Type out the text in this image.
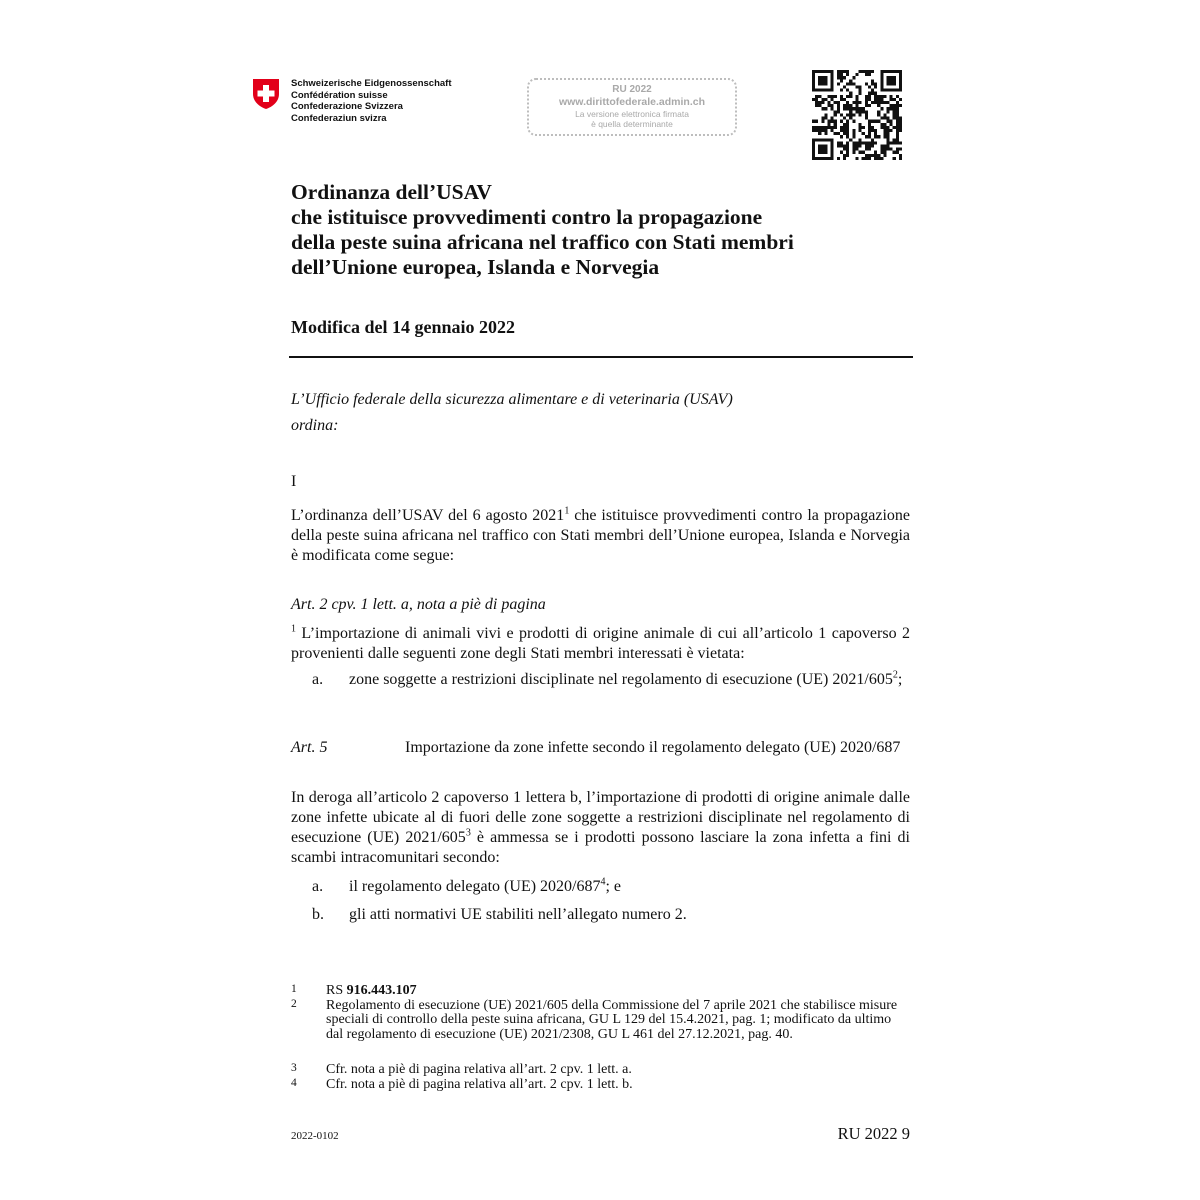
Schweizerische Eidgenossenschaft
Confédération suisse
Confederazione Svizzera
Confederaziun svizra
RU 2022
www.dirittofederale.admin.ch
La versione elettronica firmata
è quella determinante
Ordinanza dell’USAV
che istituisce provvedimenti contro la propagazione
della peste suina africana nel traffico con Stati membri
dell’Unione europea, Islanda e Norvegia
Modifica del 14 gennaio 2022
L’Ufficio federale della sicurezza alimentare e di veterinaria (USAV)
ordina:
I
L’ordinanza dell’USAV del 6 agosto 2021$^1$ che istituisce provvedimenti contro la propagazione della peste suina africana nel traffico con Stati membri dell’Unione europea, Islanda e Norvegia è modificata come segue:
Art. 2 cpv. 1 lett. a, nota a piè di pagina
$^1$ L’importazione di animali vivi e prodotti di origine animale di cui all’articolo 1 capoverso 2 provenienti dalle seguenti zone degli Stati membri interessati è vietata:
a. zone soggette a restrizioni disciplinate nel regolamento di esecuzione (UE) $2021/605^2$;
Art. 5	Importazione da zone infette secondo il regolamento delegato (UE) 2020/687
In deroga all’articolo 2 capoverso 1 lettera b, l’importazione di prodotti di origine animale dalle zone infette ubicate al di fuori delle zone soggette a restrizioni disciplinate nel regolamento di esecuzione (UE) $2021/605^3$ è ammessa se i prodotti possono lasciare la zona infetta a fini di scambi intracomunitari secondo:
a. il regolamento delegato (UE) $2020/687^4$; e
b. gli atti normativi UE stabiliti nell’allegato numero 2.
1 RS 916.443.107
2 Regolamento di esecuzione (UE) 2021/605 della Commissione del 7 aprile 2021 che stabilisce misure speciali di controllo della peste suina africana, GU L 129 del 15.4.2021, pag. 1; modificato da ultimo dal regolamento di esecuzione (UE) 2021/2308, GU L 461 del 27.12.2021, pag. 40.
3 Cfr. nota a piè di pagina relativa all’art. 2 cpv. 1 lett. a.
4 Cfr. nota a piè di pagina relativa all’art. 2 cpv. 1 lett. b.
2022-0102	RU 2022 9
